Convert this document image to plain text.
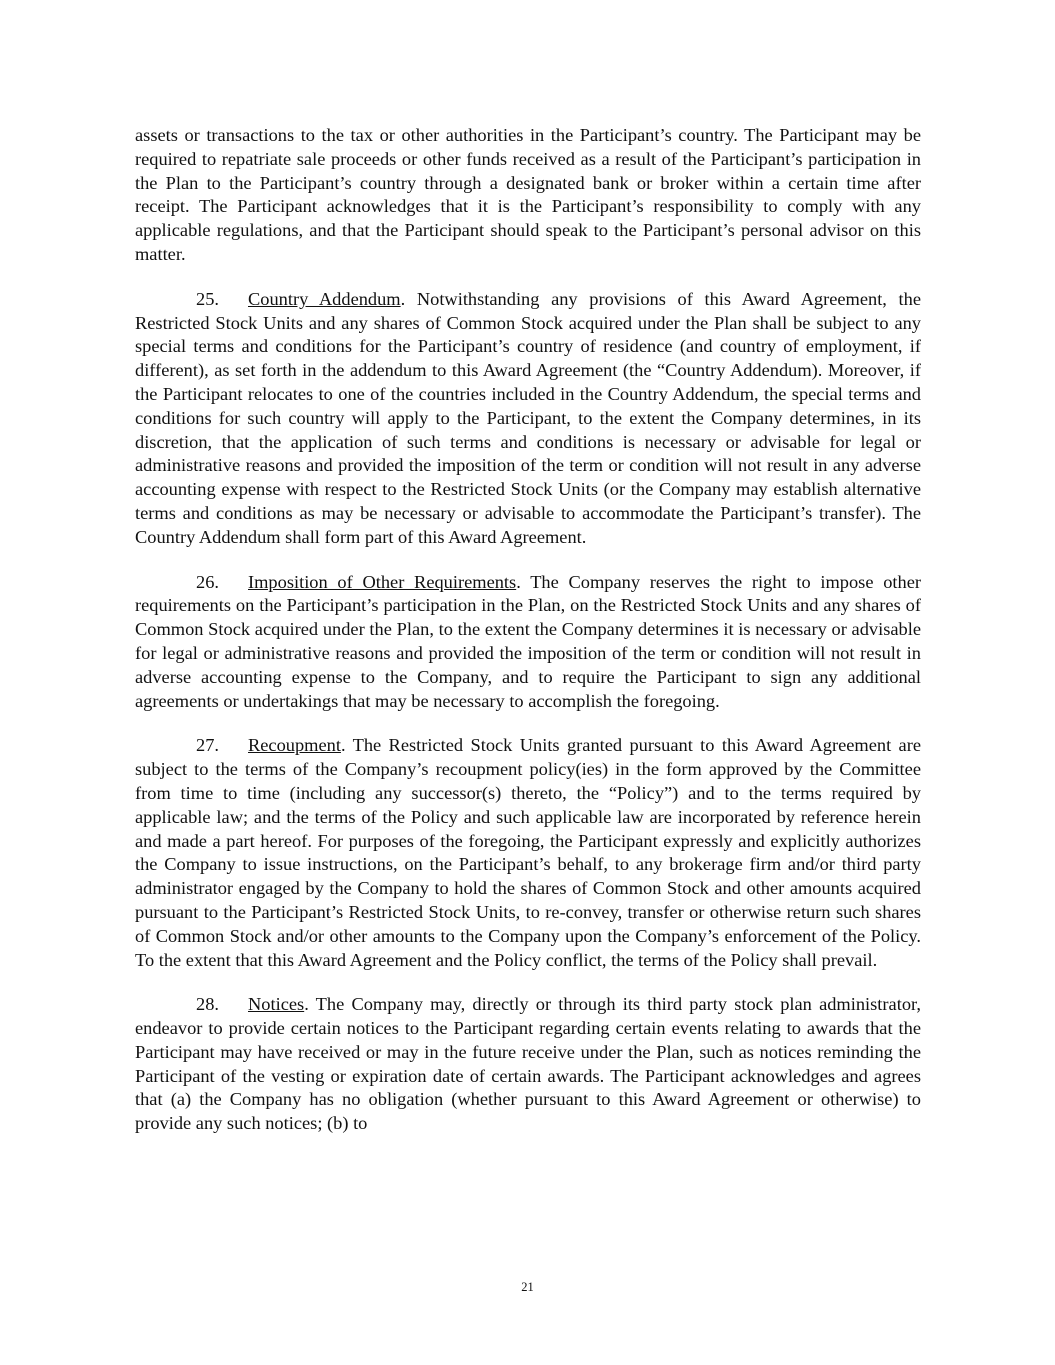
assets or transactions to the tax or other authorities in the Participant’s country. The Participant may be required to repatriate sale proceeds or other funds received as a result of the Participant’s participation in the Plan to the Participant’s country through a designated bank or broker within a certain time after receipt. The Participant acknowledges that it is the Participant’s responsibility to comply with any applicable regulations, and that the Participant should speak to the Participant’s personal advisor on this matter.

25. Country Addendum. Notwithstanding any provisions of this Award Agreement, the Restricted Stock Units and any shares of Common Stock acquired under the Plan shall be subject to any special terms and conditions for the Participant’s country of residence (and country of employment, if different), as set forth in the addendum to this Award Agreement (the “Country Addendum). Moreover, if the Participant relocates to one of the countries included in the Country Addendum, the special terms and conditions for such country will apply to the Participant, to the extent the Company determines, in its discretion, that the application of such terms and conditions is necessary or advisable for legal or administrative reasons and provided the imposition of the term or condition will not result in any adverse accounting expense with respect to the Restricted Stock Units (or the Company may establish alternative terms and conditions as may be necessary or advisable to accommodate the Participant’s transfer). The Country Addendum shall form part of this Award Agreement.

26. Imposition of Other Requirements. The Company reserves the right to impose other requirements on the Participant’s participation in the Plan, on the Restricted Stock Units and any shares of Common Stock acquired under the Plan, to the extent the Company determines it is necessary or advisable for legal or administrative reasons and provided the imposition of the term or condition will not result in adverse accounting expense to the Company, and to require the Participant to sign any additional agreements or undertakings that may be necessary to accomplish the foregoing.

27. Recoupment. The Restricted Stock Units granted pursuant to this Award Agreement are subject to the terms of the Company’s recoupment policy(ies) in the form approved by the Committee from time to time (including any successor(s) thereto, the “Policy”) and to the terms required by applicable law; and the terms of the Policy and such applicable law are incorporated by reference herein and made a part hereof. For purposes of the foregoing, the Participant expressly and explicitly authorizes the Company to issue instructions, on the Participant’s behalf, to any brokerage firm and/or third party administrator engaged by the Company to hold the shares of Common Stock and other amounts acquired pursuant to the Participant’s Restricted Stock Units, to re-convey, transfer or otherwise return such shares of Common Stock and/or other amounts to the Company upon the Company’s enforcement of the Policy. To the extent that this Award Agreement and the Policy conflict, the terms of the Policy shall prevail.

28. Notices. The Company may, directly or through its third party stock plan administrator, endeavor to provide certain notices to the Participant regarding certain events relating to awards that the Participant may have received or may in the future receive under the Plan, such as notices reminding the Participant of the vesting or expiration date of certain awards. The Participant acknowledges and agrees that (a) the Company has no obligation (whether pursuant to this Award Agreement or otherwise) to provide any such notices; (b) to

21
